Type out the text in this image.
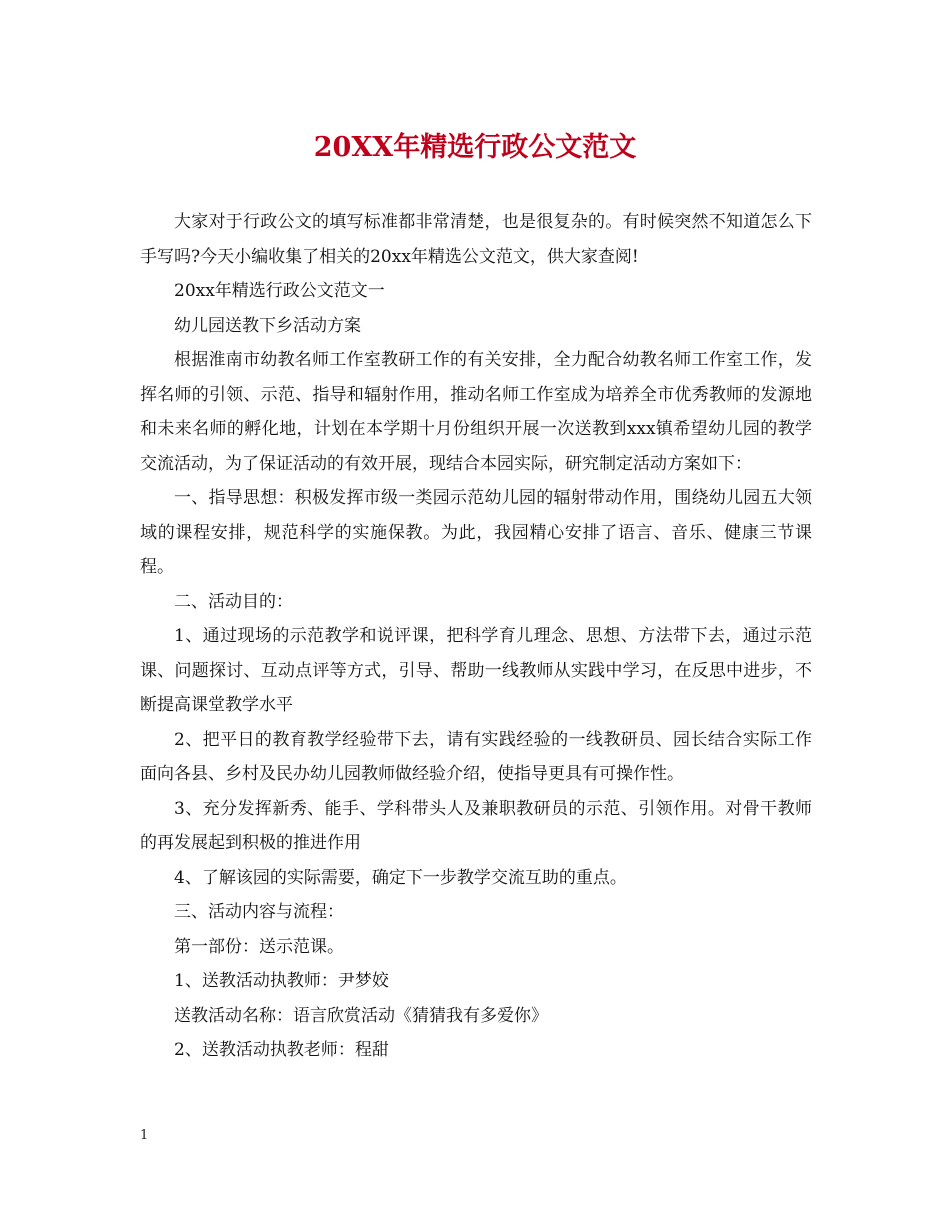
20XX年精选行政公文范文

大家对于行政公文的填写标准都非常清楚，也是很复杂的。有时候突然不知道怎么下手写吗?今天小编收集了相关的20xx年精选公文范文，供大家查阅!

20xx年精选行政公文范文一

幼儿园送教下乡活动方案

根据淮南市幼教名师工作室教研工作的有关安排，全力配合幼教名师工作室工作，发挥名师的引领、示范、指导和辐射作用，推动名师工作室成为培养全市优秀教师的发源地和未来名师的孵化地，计划在本学期十月份组织开展一次送教到xxx镇希望幼儿园的教学交流活动，为了保证活动的有效开展，现结合本园实际，研究制定活动方案如下：

一、指导思想：积极发挥市级一类园示范幼儿园的辐射带动作用，围绕幼儿园五大领域的课程安排，规范科学的实施保教。为此，我园精心安排了语言、音乐、健康三节课程。

二、活动目的：

1、通过现场的示范教学和说评课，把科学育儿理念、思想、方法带下去，通过示范课、问题探讨、互动点评等方式，引导、帮助一线教师从实践中学习，在反思中进步，不断提高课堂教学水平

2、把平日的教育教学经验带下去，请有实践经验的一线教研员、园长结合实际工作面向各县、乡村及民办幼儿园教师做经验介绍，使指导更具有可操作性。

3、充分发挥新秀、能手、学科带头人及兼职教研员的示范、引领作用。对骨干教师的再发展起到积极的推进作用

4、了解该园的实际需要，确定下一步教学交流互助的重点。

三、活动内容与流程：

第一部份：送示范课。

1、送教活动执教师：尹梦姣

送教活动名称：语言欣赏活动《猜猜我有多爱你》

2、送教活动执教老师：程甜

1
